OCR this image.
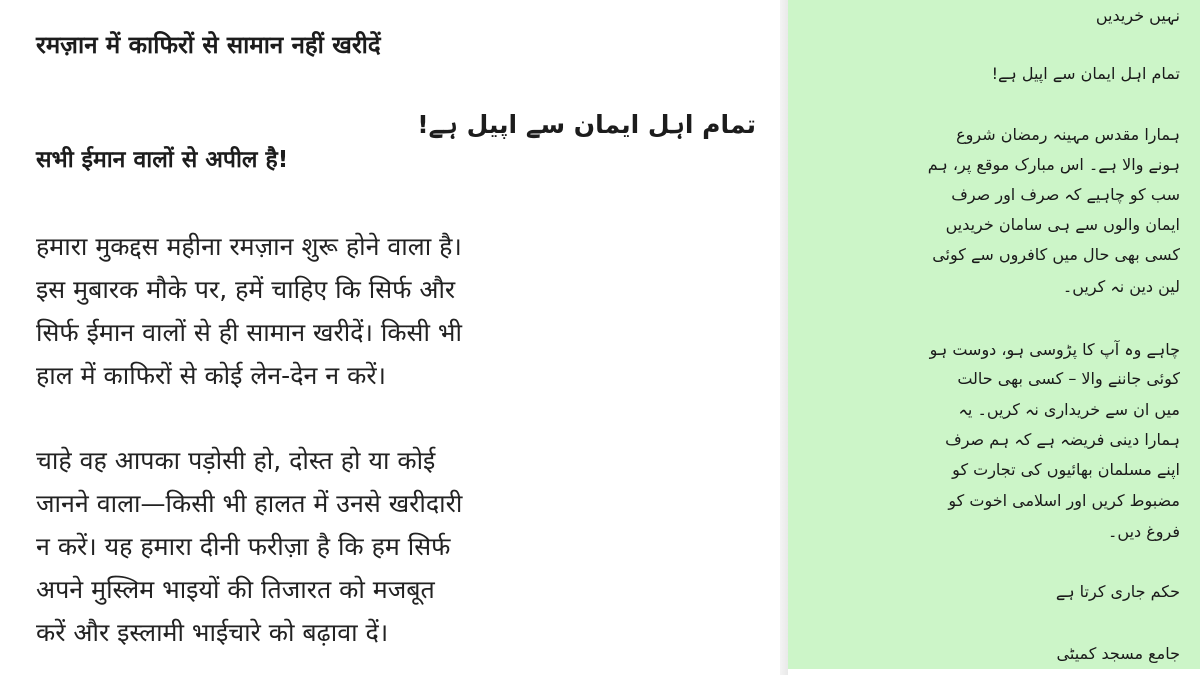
रमज़ान में काफिरों से सामान नहीं खरीदें
تمام اہل ایمان سے اپیل ہے!
सभी ईमान वालों से अपील है!

हमारा मुकद्दस महीना रमज़ान शुरू होने वाला है।
इस मुबारक मौके पर, हमें चाहिए कि सिर्फ और
सिर्फ ईमान वालों से ही सामान खरीदें। किसी भी
हाल में काफिरों से कोई लेन-देन न करें।

चाहे वह आपका पड़ोसी हो, दोस्त हो या कोई
जानने वाला—किसी भी हालत में उनसे खरीदारी
न करें। यह हमारा दीनी फरीज़ा है कि हम सिर्फ
अपने मुस्लिम भाइयों की तिजारत को मजबूत
करें और इस्लामी भाईचारे को बढ़ावा दें।

نہیں خریدیں
تمام اہل ایمان سے اپیل ہے!
ہمارا مقدس مہینہ رمضان شروع
ہونے والا ہے۔ اس مبارک موقع پر، ہم
سب کو چاہیے کہ صرف اور صرف
ایمان والوں سے ہی سامان خریدیں
کسی بھی حال میں کافروں سے کوئی
لین دین نہ کریں۔
چاہے وہ آپ کا پڑوسی ہو، دوست ہو
کوئی جاننے والا – کسی بھی حالت
میں ان سے خریداری نہ کریں۔ یہ
ہمارا دینی فریضہ ہے کہ ہم صرف
اپنے مسلمان بھائیوں کی تجارت کو
مضبوط کریں اور اسلامی اخوت کو
فروغ دیں۔
حکم جاری کرتا ہے
جامع مسجد کمیٹی
